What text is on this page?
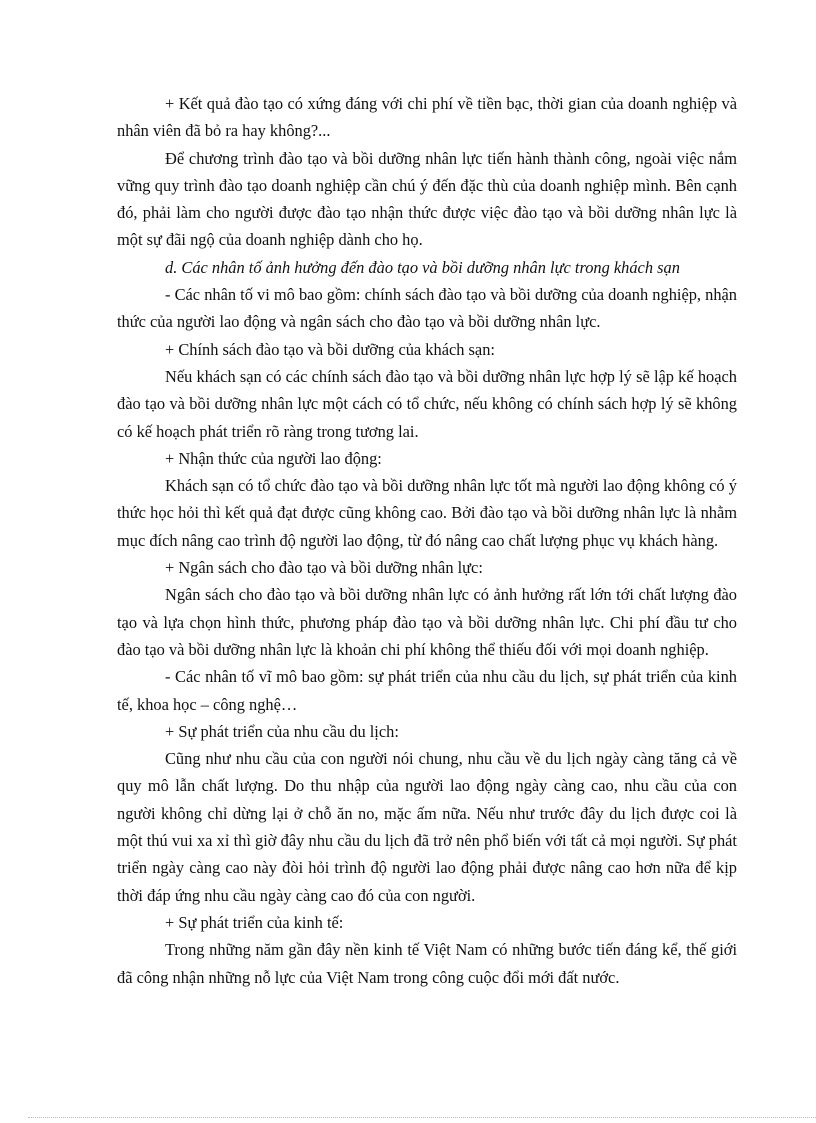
+ Kết quả đào tạo có xứng đáng với chi phí về tiền bạc, thời gian của doanh nghiệp và nhân viên đã bỏ ra hay không?...

Để chương trình đào tạo và bồi dưỡng nhân lực tiến hành thành công, ngoài việc nắm vững quy trình đào tạo doanh nghiệp cần chú ý đến đặc thù của doanh nghiệp mình. Bên cạnh đó, phải làm cho người được đào tạo nhận thức được việc đào tạo và bồi dưỡng nhân lực là một sự đãi ngộ của doanh nghiệp dành cho họ.

d. Các nhân tố ảnh hưởng đến đào tạo và bồi dưỡng nhân lực trong khách sạn

- Các nhân tố vi mô bao gồm: chính sách đào tạo và bồi dưỡng của doanh nghiệp, nhận thức của người lao động và ngân sách cho đào tạo và bồi dưỡng nhân lực.

+ Chính sách đào tạo và bồi dưỡng của khách sạn:

Nếu khách sạn có các chính sách đào tạo và bồi dưỡng nhân lực hợp lý sẽ lập kế hoạch đào tạo và bồi dưỡng nhân lực một cách có tổ chức, nếu không có chính sách hợp lý sẽ không có kế hoạch phát triển rõ ràng trong tương lai.

+ Nhận thức của người lao động:

Khách sạn có tổ chức đào tạo và bồi dưỡng nhân lực tốt mà người lao động không có ý thức học hỏi thì kết quả đạt được cũng không cao. Bởi đào tạo và bồi dưỡng nhân lực là nhằm mục đích nâng cao trình độ người lao động, từ đó nâng cao chất lượng phục vụ khách hàng.

+ Ngân sách cho đào tạo và bồi dưỡng nhân lực:

Ngân sách cho đào tạo và bồi dưỡng nhân lực có ảnh hưởng rất lớn tới chất lượng đào tạo và lựa chọn hình thức, phương pháp đào tạo và bồi dưỡng nhân lực. Chi phí đầu tư cho đào tạo và bồi dưỡng nhân lực là khoản chi phí không thể thiếu đối với mọi doanh nghiệp.

- Các nhân tố vĩ mô bao gồm: sự phát triển của nhu cầu du lịch, sự phát triển của kinh tế, khoa học – công nghệ…

+ Sự phát triển của nhu cầu du lịch:

Cũng như nhu cầu của con người nói chung, nhu cầu về du lịch ngày càng tăng cả về quy mô lẫn chất lượng. Do thu nhập của người lao động ngày càng cao, nhu cầu của con người không chỉ dừng lại ở chỗ ăn no, mặc ấm nữa. Nếu như trước đây du lịch được coi là một thú vui xa xỉ thì giờ đây nhu cầu du lịch đã trở nên phổ biến với tất cả mọi người. Sự phát triển ngày càng cao này đòi hỏi trình độ người lao động phải được nâng cao hơn nữa để kịp thời đáp ứng nhu cầu ngày càng cao đó của con người.

+ Sự phát triển của kinh tế:

Trong những năm gần đây nền kinh tế Việt Nam có những bước tiến đáng kể, thế giới đã công nhận những nỗ lực của Việt Nam trong công cuộc đổi mới đất nước.
